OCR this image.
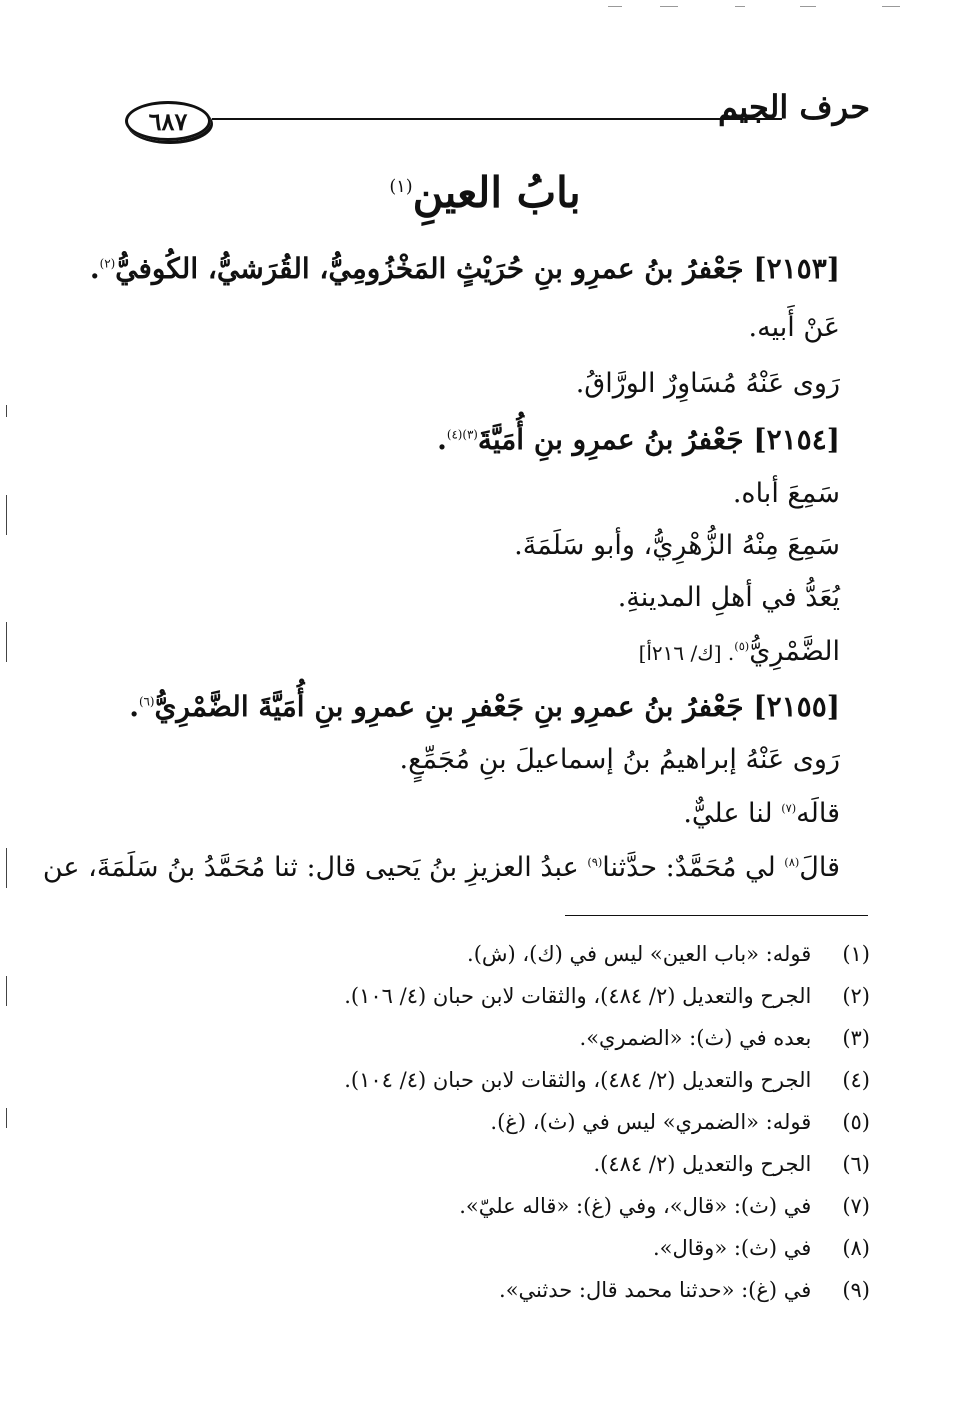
حرف الجيم
٦٨٧
بابُ العينِ$^{(١)}$
[٢١٥٣] جَعْفرُ بنُ عمرِو بنِ حُرَيْثٍ المَخْزُومِيُّ، القُرَشيُّ، الكُوفيُّ$^{(٢)}$.
عَنْ أَبيه.
رَوى عَنْهُ مُسَاوِرٌ الورَّاقُ.
[٢١٥٤] جَعْفرُ بنُ عمرِو بنِ أُمَيَّةَ$^{(٣)(٤)}$.
سَمِعَ أباه.
سَمِعَ مِنْهُ الزُّهْرِيُّ، وأبو سَلَمَةَ.
يُعَدُّ في أهلِ المدينةِ.
الضَّمْرِيُّ$^{(٥)}$. [ك/ ٢١٦أ]
[٢١٥٥] جَعْفرُ بنُ عمرِو بنِ جَعْفرِ بنِ عمرِو بنِ أُمَيَّةَ الضَّمْرِيُّ$^{(٦)}$.
رَوى عَنْهُ إبراهيمُ بنُ إسماعيلَ بنِ مُجَمِّعٍ.
قالَه$^{(٧)}$ لنا عليٌّ.
قالَ$^{(٨)}$ لي مُحَمَّدٌ: حدَّثنا$^{(٩)}$ عبدُ العزيزِ بنُ يَحيى قال: ثنا مُحَمَّدُ بنُ سَلَمَةَ، عن
(١) قوله: «باب العين» ليس في (ك)، (ش).
(٢) الجرح والتعديل (٢/ ٤٨٤)، والثقات لابن حبان (٤/ ١٠٦).
(٣) بعده في (ث): «الضمري».
(٤) الجرح والتعديل (٢/ ٤٨٤)، والثقات لابن حبان (٤/ ١٠٤).
(٥) قوله: «الضمري» ليس في (ث)، (غ).
(٦) الجرح والتعديل (٢/ ٤٨٤).
(٧) في (ث): «قال»، وفي (غ): «قاله عليّ».
(٨) في (ث): «وقال».
(٩) في (غ): «حدثنا محمد قال: حدثني».
